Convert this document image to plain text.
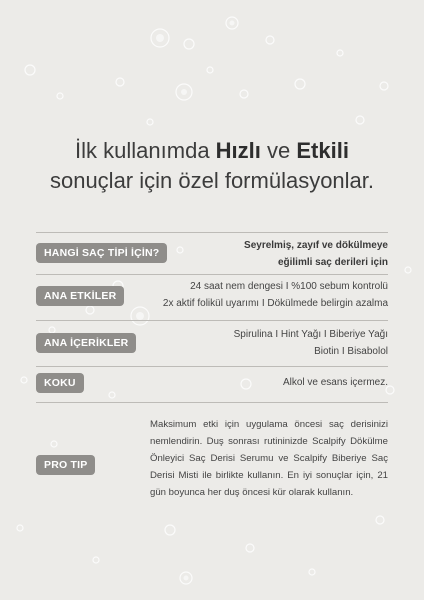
İlk kullanımda Hızlı ve Etkili
sonuçlar için özel formülasyonlar.
HANGİ SAÇ TİPİ İÇİN?
Seyrelmiş, zayıf ve dökülmeye
eğilimli saç derileri için
ANA ETKİLER
24 saat nem dengesi I %100 sebum kontrolü
2x aktif folikül uyarımı I Dökülmede belirgin azalma
ANA İÇERİKLER
Spirulina I Hint Yağı I Biberiye Yağı
Biotin I Bisabolol
KOKU	Alkol ve esans içermez.
PRO TIP
Maksimum etki için uygulama öncesi saç derisinizi nemlendirin. Duş sonrası rutininizde Scalpify Dökülme Önleyici Saç Derisi Serumu ve Scalpify Biberiye Saç Derisi Misti ile birlikte kullanın. En iyi sonuçlar için, 21 gün boyunca her duş öncesi kür olarak kullanın.
